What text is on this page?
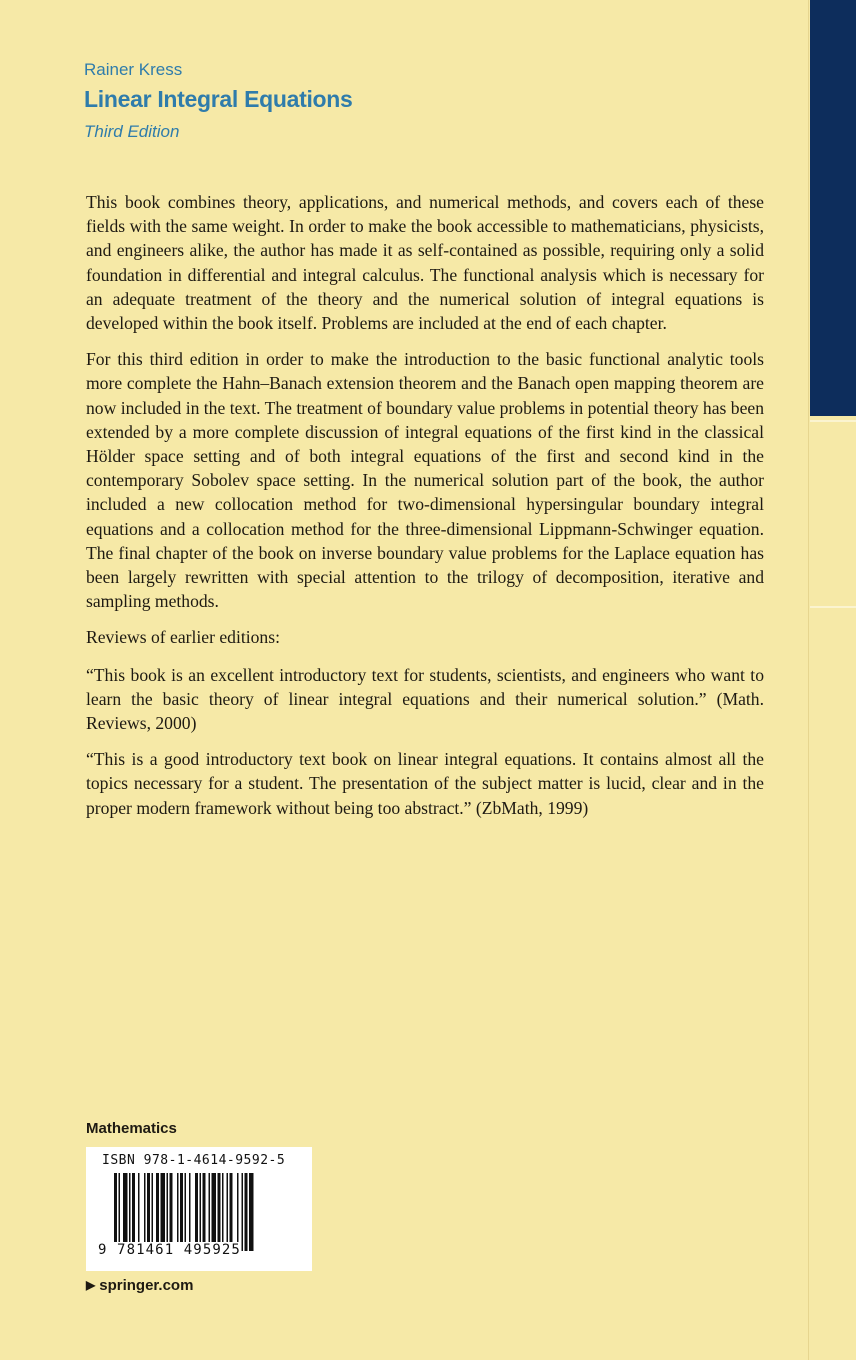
Rainer Kress
Linear Integral Equations
Third Edition

This book combines theory, applications, and numerical methods, and covers each of these fields with the same weight. In order to make the book accessible to mathematicians, physicists, and engineers alike, the author has made it as self-contained as possible, requiring only a solid foundation in differential and integral calculus. The functional analysis which is necessary for an adequate treatment of the theory and the numerical solution of integral equations is developed within the book itself. Problems are included at the end of each chapter.

For this third edition in order to make the introduction to the basic functional analytic tools more complete the Hahn–Banach extension theorem and the Banach open mapping theorem are now included in the text. The treatment of boundary value problems in potential theory has been extended by a more complete discussion of integral equations of the first kind in the classical Hölder space setting and of both integral equations of the first and second kind in the contemporary Sobolev space setting. In the numerical solution part of the book, the author included a new collocation method for two-dimensional hypersingular boundary integral equations and a collocation method for the three-dimensional Lippmann-Schwinger equation. The final chapter of the book on inverse boundary value problems for the Laplace equation has been largely rewritten with special attention to the trilogy of decomposition, iterative and sampling methods.

Reviews of earlier editions:

“This book is an excellent introductory text for students, scientists, and engineers who want to learn the basic theory of linear integral equations and their numerical solution.” (Math. Reviews, 2000)

“This is a good introductory text book on linear integral equations. It contains almost all the topics necessary for a student. The presentation of the subject matter is lucid, clear and in the proper modern framework without being too abstract.” (ZbMath, 1999)

Mathematics
ISBN 978-1-4614-9592-5
9 781461 495925
▶ springer.com
